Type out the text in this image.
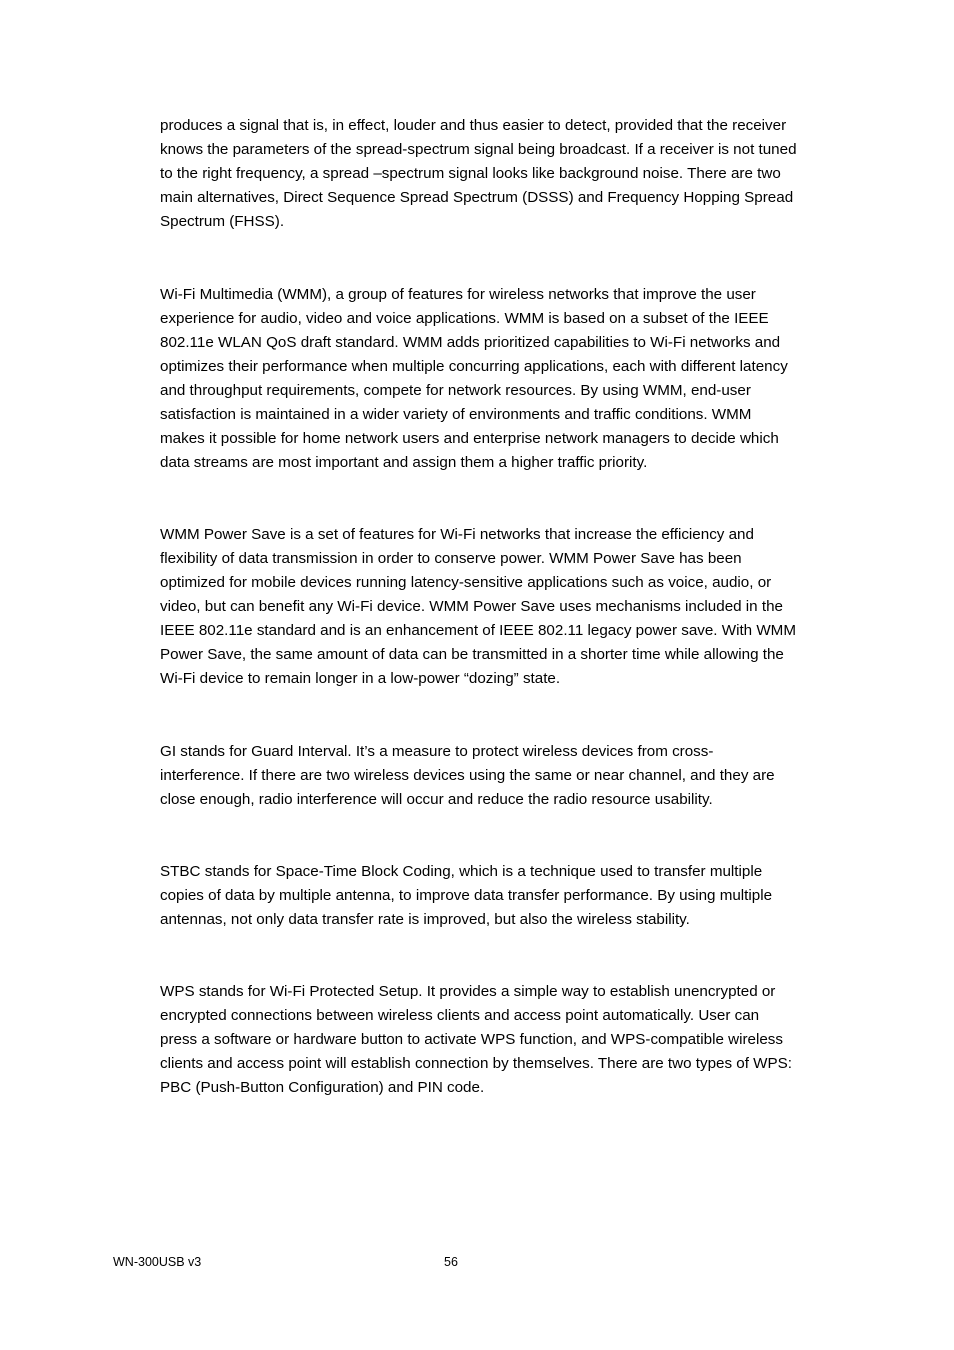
produces a signal that is, in effect, louder and thus easier to detect, provided that the receiver
knows the parameters of the spread-spectrum signal being broadcast. If a receiver is not tuned
to the right frequency, a spread –spectrum signal looks like background noise. There are two
main alternatives, Direct Sequence Spread Spectrum (DSSS) and Frequency Hopping Spread
Spectrum (FHSS).

Wi-Fi Multimedia (WMM), a group of features for wireless networks that improve the user
experience for audio, video and voice applications. WMM is based on a subset of the IEEE
802.11e WLAN QoS draft standard. WMM adds prioritized capabilities to Wi-Fi networks and
optimizes their performance when multiple concurring applications, each with different latency
and throughput requirements, compete for network resources. By using WMM, end-user
satisfaction is maintained in a wider variety of environments and traffic conditions. WMM
makes it possible for home network users and enterprise network managers to decide which
data streams are most important and assign them a higher traffic priority.

WMM Power Save is a set of features for Wi-Fi networks that increase the efficiency and
flexibility of data transmission in order to conserve power. WMM Power Save has been
optimized for mobile devices running latency-sensitive applications such as voice, audio, or
video, but can benefit any Wi-Fi device. WMM Power Save uses mechanisms included in the
IEEE 802.11e standard and is an enhancement of IEEE 802.11 legacy power save. With WMM
Power Save, the same amount of data can be transmitted in a shorter time while allowing the
Wi-Fi device to remain longer in a low-power “dozing” state.

GI stands for Guard Interval. It’s a measure to protect wireless devices from cross-
interference. If there are two wireless devices using the same or near channel, and they are
close enough, radio interference will occur and reduce the radio resource usability.

STBC stands for Space-Time Block Coding, which is a technique used to transfer multiple
copies of data by multiple antenna, to improve data transfer performance. By using multiple
antennas, not only data transfer rate is improved, but also the wireless stability.

WPS stands for Wi-Fi Protected Setup. It provides a simple way to establish unencrypted or
encrypted connections between wireless clients and access point automatically. User can
press a software or hardware button to activate WPS function, and WPS-compatible wireless
clients and access point will establish connection by themselves. There are two types of WPS:
PBC (Push-Button Configuration) and PIN code.

WN-300USB v3	56
